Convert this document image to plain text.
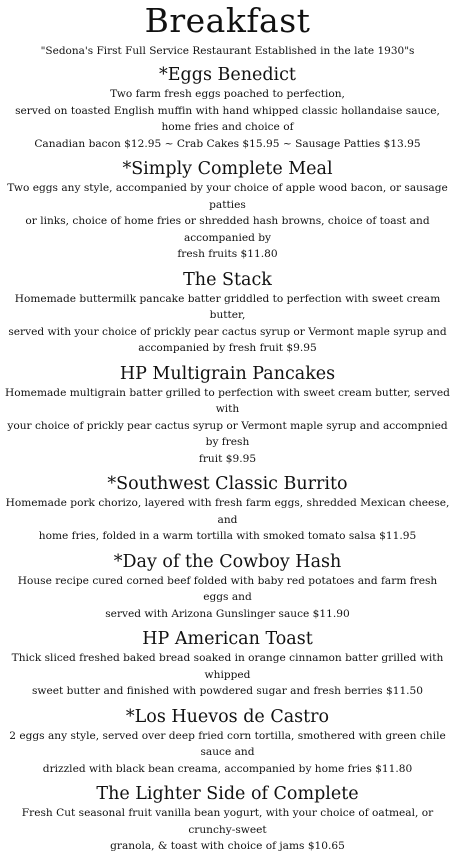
Breakfast
"Sedona's First Full Service Restaurant Established in the late 1930"s
*Eggs Benedict
Two farm fresh eggs poached to perfection,
served on toasted English muffin with hand whipped classic hollandaise sauce,
home fries and choice of
Canadian bacon $12.95 ~ Crab Cakes $15.95 ~ Sausage Patties $13.95
*Simply Complete Meal
Two eggs any style, accompanied by your choice of apple wood bacon, or sausage patties
or links, choice of home fries or shredded hash browns, choice of toast and accompanied by
fresh fruits $11.80
The Stack
Homemade buttermilk pancake batter griddled to perfection with sweet cream butter,
served with your choice of prickly pear cactus syrup or Vermont maple syrup and
accompanied by fresh fruit $9.95
HP Multigrain Pancakes
Homemade multigrain batter grilled to perfection with sweet cream butter, served with
your choice of prickly pear cactus syrup or Vermont maple syrup and accompnied by fresh
fruit $9.95
*Southwest Classic Burrito
Homemade pork chorizo, layered with fresh farm eggs, shredded Mexican cheese, and
home fries, folded in a warm tortilla with smoked tomato salsa $11.95
*Day of the Cowboy Hash
House recipe cured corned beef folded with baby red potatoes and farm fresh eggs and
served with Arizona Gunslinger sauce $11.90
HP American Toast
Thick sliced freshed baked bread soaked in orange cinnamon batter grilled with whipped
sweet butter and finished with powdered sugar and fresh berries $11.50
*Los Huevos de Castro
2 eggs any style, served over deep fried corn tortilla, smothered with green chile sauce and
drizzled with black bean creama, accompanied by home fries $11.80
The Lighter Side of Complete
Fresh Cut seasonal fruit vanilla bean yogurt, with your choice of oatmeal, or crunchy-sweet
granola, & toast with choice of jams $10.65
